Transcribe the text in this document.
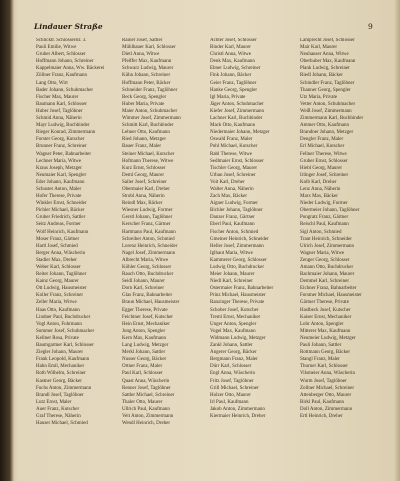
Lindauer Straße	9
Schlicktr. Schlosserstr. 3.
Pauli Emilie, Witwe
Gruber Albert, Schlosser
Hoffmann Johann, Schreiner
Kappelmaier Anna, Ww. Bäckerei
Zöllner Franz, Kaufmann
Lang Otto, Wirt
Bader Johann, Schuhmacher
Fischer Max, Maurer
Baumann Karl, Schlosser
Huber Josef, Taglöhner
Schmid Anna, Näherin
Mayr Ludwig, Buchbinder
Rieger Konrad, Zimmermann
Forster Georg, Kutscher
Brunner Franz, Schreiner
Wagner Peter, Bahnarbeiter
Lechner Maria, Witwe
Kraus Joseph, Metzger
Neumaier Karl, Spengler
Eder Johann, Kaufmann
Schuster Anton, Maler
Hofer Therese, Private
Winkler Ernst, Schneider
Pichler Michael, Bäcker
Gruber Friedrich, Sattler
Seitz Andreas, Former
Wolf Heinrich, Kaufmann
Moser Franz, Gärtner
Hartl Josef, Schmied
Berger Anna, Wäscherin
Stadler Max, Dreher
Weber Karl, Schlosser
Reiter Johann, Taglöhner
Kainz Georg, Maurer
Ott Ludwig, Hausmeister
Koller Franz, Schreiner
Zeller Maria, Witwe
Haas Otto, Kaufmann
Lindner Paul, Buchdrucker
Vogl Anton, Fuhrmann
Sommer Josef, Schuhmacher
Kellner Rosa, Private
Baumgartner Karl, Schlosser
Ziegler Johann, Maurer
Frank Leopold, Kaufmann
Hahn Emil, Mechaniker
Roth Wilhelm, Schreiner
Kastner Georg, Bäcker
Fuchs Anton, Zimmermann
Brandl Josef, Taglöhner
Lutz Ernst, Maler
Auer Franz, Kutscher
Graf Therese, Näherin
Hauser Michael, Schmied
Rainer Josef, Sattler
Mühlbauer Karl, Schlosser
Dietl Anna, Witwe
Pfeiffer Max, Kaufmann
Schwarz Ludwig, Maurer
Kühn Johann, Schreiner
Hoffmann Peter, Bäcker
Schneider Franz, Taglöhner
Beck Georg, Spengler
Huber Maria, Private
Maier Anton, Schuhmacher
Wimmer Josef, Zimmermann
Schmitt Karl, Buchbinder
Lehner Otto, Kaufmann
Ried Johann, Metzger
Bauer Franz, Maler
Steiner Michael, Kutscher
Hofmann Therese, Witwe
Kurz Ernst, Schlosser
Deml Georg, Maurer
Sailer Josef, Schreiner
Obermaier Karl, Dreher
Strobl Anna, Näherin
Reindl Max, Bäcker
Wiesner Ludwig, Former
Gerstl Johann, Taglöhner
Kerscher Franz, Gärtner
Hartmann Paul, Kaufmann
Schreiber Anton, Schmied
Lorenz Heinrich, Schneider
Nagel Josef, Zimmermann
Albrecht Maria, Witwe
Köhler Georg, Schlosser
Rauch Otto, Buchdrucker
Seidl Johann, Maurer
Dorn Karl, Schreiner
Glas Franz, Bahnarbeiter
Braun Michael, Hausmeister
Egger Therese, Private
Feichtner Josef, Kutscher
Hein Ernst, Mechaniker
Jung Anton, Spengler
Kern Max, Kaufmann
Lang Ludwig, Metzger
Merkl Johann, Sattler
Nusser Georg, Bäcker
Ortner Franz, Maler
Paul Karl, Schlosser
Quast Anna, Wäscherin
Renner Josef, Taglöhner
Sattler Michael, Schreiner
Thaler Otto, Maurer
Ullrich Paul, Kaufmann
Veit Anton, Zimmermann
Wendl Heinrich, Dreher
Achter Josef, Schlosser
Binder Karl, Maurer
Christl Anna, Witwe
Denk Max, Kaufmann
Ebner Ludwig, Schreiner
Fink Johann, Bäcker
Geier Franz, Taglöhner
Hanke Georg, Spengler
Igl Maria, Private
Jäger Anton, Schuhmacher
Kiefer Josef, Zimmermann
Lachner Karl, Buchbinder
Mack Otto, Kaufmann
Niedermaier Johann, Metzger
Oswald Franz, Maler
Pohl Michael, Kutscher
Rabl Therese, Witwe
Sedlmaier Ernst, Schlosser
Tischler Georg, Maurer
Urban Josef, Schreiner
Voit Karl, Dreher
Walter Anna, Näherin
Zach Max, Bäcker
Aigner Ludwig, Former
Bichler Johann, Taglöhner
Danzer Franz, Gärtner
Eberl Paul, Kaufmann
Fischer Anton, Schmied
Gmeiner Heinrich, Schneider
Heller Josef, Zimmermann
Iglhaut Maria, Witwe
Kammerer Georg, Schlosser
Ludwig Otto, Buchdrucker
Meier Johann, Maurer
Niedl Karl, Schreiner
Ostermaier Franz, Bahnarbeiter
Prinz Michael, Hausmeister
Ranzinger Therese, Private
Schober Josef, Kutscher
Treml Ernst, Mechaniker
Unger Anton, Spengler
Vogel Max, Kaufmann
Widmann Ludwig, Metzger
Zankl Johann, Sattler
Angerer Georg, Bäcker
Bergmann Franz, Maler
Dürr Karl, Schlosser
Engl Anna, Wäscherin
Fritz Josef, Taglöhner
Grill Michael, Schreiner
Holzer Otto, Maurer
Irl Paul, Kaufmann
Jakob Anton, Zimmermann
Kiermaier Heinrich, Dreher
Lamprecht Josef, Schlosser
Mair Karl, Maurer
Neuhauser Anna, Witwe
Oberhuber Max, Kaufmann
Plank Ludwig, Schreiner
Riedl Johann, Bäcker
Schindler Franz, Taglöhner
Thanner Georg, Spengler
Utz Maria, Private
Vetter Anton, Schuhmacher
Weiß Josef, Zimmermann
Zimmermann Karl, Buchbinder
Ammer Otto, Kaufmann
Brandner Johann, Metzger
Dengler Franz, Maler
Erl Michael, Kutscher
Fellner Therese, Witwe
Gruber Ernst, Schlosser
Hiebl Georg, Maurer
Irlinger Josef, Schreiner
Kolb Karl, Dreher
Lenz Anna, Näherin
Marx Max, Bäcker
Nieder Ludwig, Former
Obermeier Johann, Taglöhner
Pongratz Franz, Gärtner
Reischl Paul, Kaufmann
Sigl Anton, Schmied
Traut Heinrich, Schneider
Ulrich Josef, Zimmermann
Wagner Maria, Witwe
Zenger Georg, Schlosser
Amann Otto, Buchdrucker
Bachmaier Johann, Maurer
Demmel Karl, Schreiner
Eichner Franz, Bahnarbeiter
Forstner Michael, Hausmeister
Gärtner Therese, Private
Haslbeck Josef, Kutscher
Kaiser Ernst, Mechaniker
Lohr Anton, Spengler
Mitterer Max, Kaufmann
Neumeier Ludwig, Metzger
Pauli Johann, Sattler
Rottmann Georg, Bäcker
Stangl Franz, Maler
Thurner Karl, Schlosser
Vilsmeier Anna, Wäscherin
Wurm Josef, Taglöhner
Zollner Michael, Schreiner
Attenberger Otto, Maurer
Birkl Paul, Kaufmann
Doll Anton, Zimmermann
Ertl Heinrich, Dreher
